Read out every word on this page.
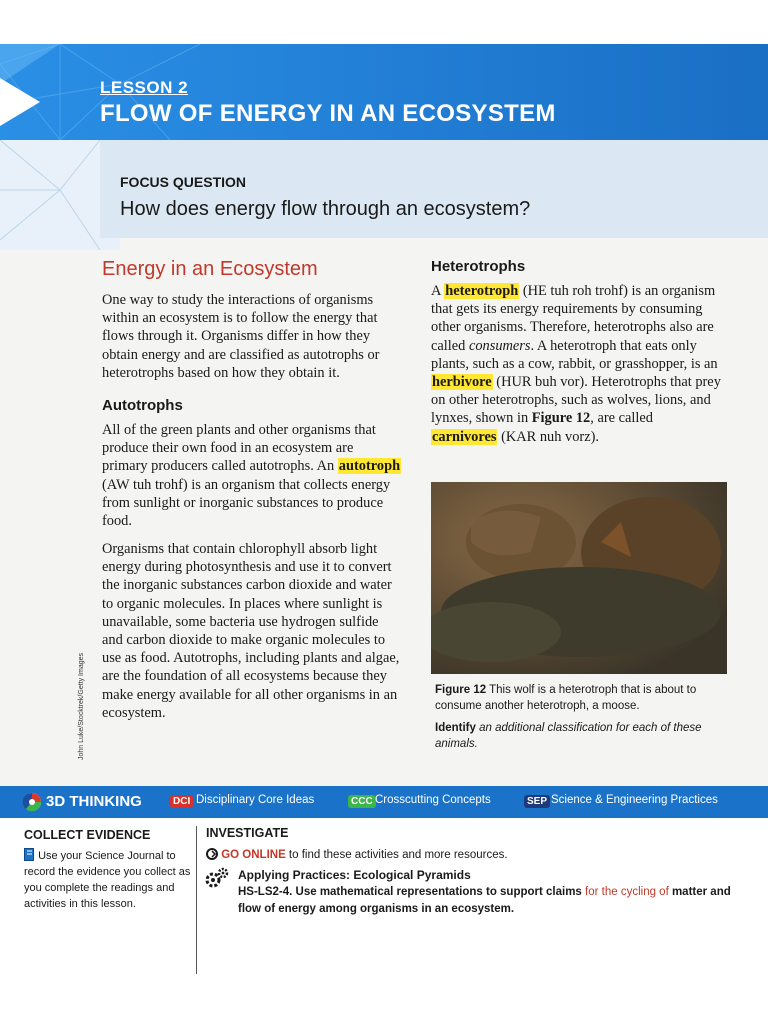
LESSON 2
FLOW OF ENERGY IN AN ECOSYSTEM
FOCUS QUESTION
How does energy flow through an ecosystem?
Energy in an Ecosystem

One way to study the interactions of organisms within an ecosystem is to follow the energy that flows through it. Organisms differ in how they obtain energy and are classified as autotrophs or heterotrophs based on how they obtain it.

Autotrophs

All of the green plants and other organisms that produce their own food in an ecosystem are primary producers called autotrophs. An autotroph (AW tuh trohf) is an organism that collects energy from sunlight or inorganic substances to produce food.

Organisms that contain chlorophyll absorb light energy during photosynthesis and use it to convert the inorganic substances carbon dioxide and water to organic molecules. In places where sunlight is unavailable, some bacteria use hydrogen sulfide and carbon dioxide to make organic molecules to use as food. Autotrophs, including plants and algae, are the foundation of all ecosystems because they make energy available for all other organisms in an ecosystem.

Heterotrophs

A heterotroph (HE tuh roh trohf) is an organism that gets its energy requirements by consuming other organisms. Therefore, heterotrophs also are called consumers. A heterotroph that eats only plants, such as a cow, rabbit, or grasshopper, is an herbivore (HUR buh vor). Heterotrophs that prey on other heterotrophs, such as wolves, lions, and lynxes, shown in Figure 12, are called carnivores (KAR nuh vorz).

Figure 12 This wolf is a heterotroph that is about to consume another heterotroph, a moose.
Identify an additional classification for each of these animals.
John Luke/Stocktrek/Getty Images
3D THINKING	DCI Disciplinary Core Ideas	CCC Crosscutting Concepts	SEP Science & Engineering Practices
COLLECT EVIDENCE
Use your Science Journal to record the evidence you collect as you complete the readings and activities in this lesson.
INVESTIGATE
GO ONLINE to find these activities and more resources.
Applying Practices: Ecological Pyramids
HS-LS2-4. Use mathematical representations to support claims for the cycling of matter and flow of energy among organisms in an ecosystem.
